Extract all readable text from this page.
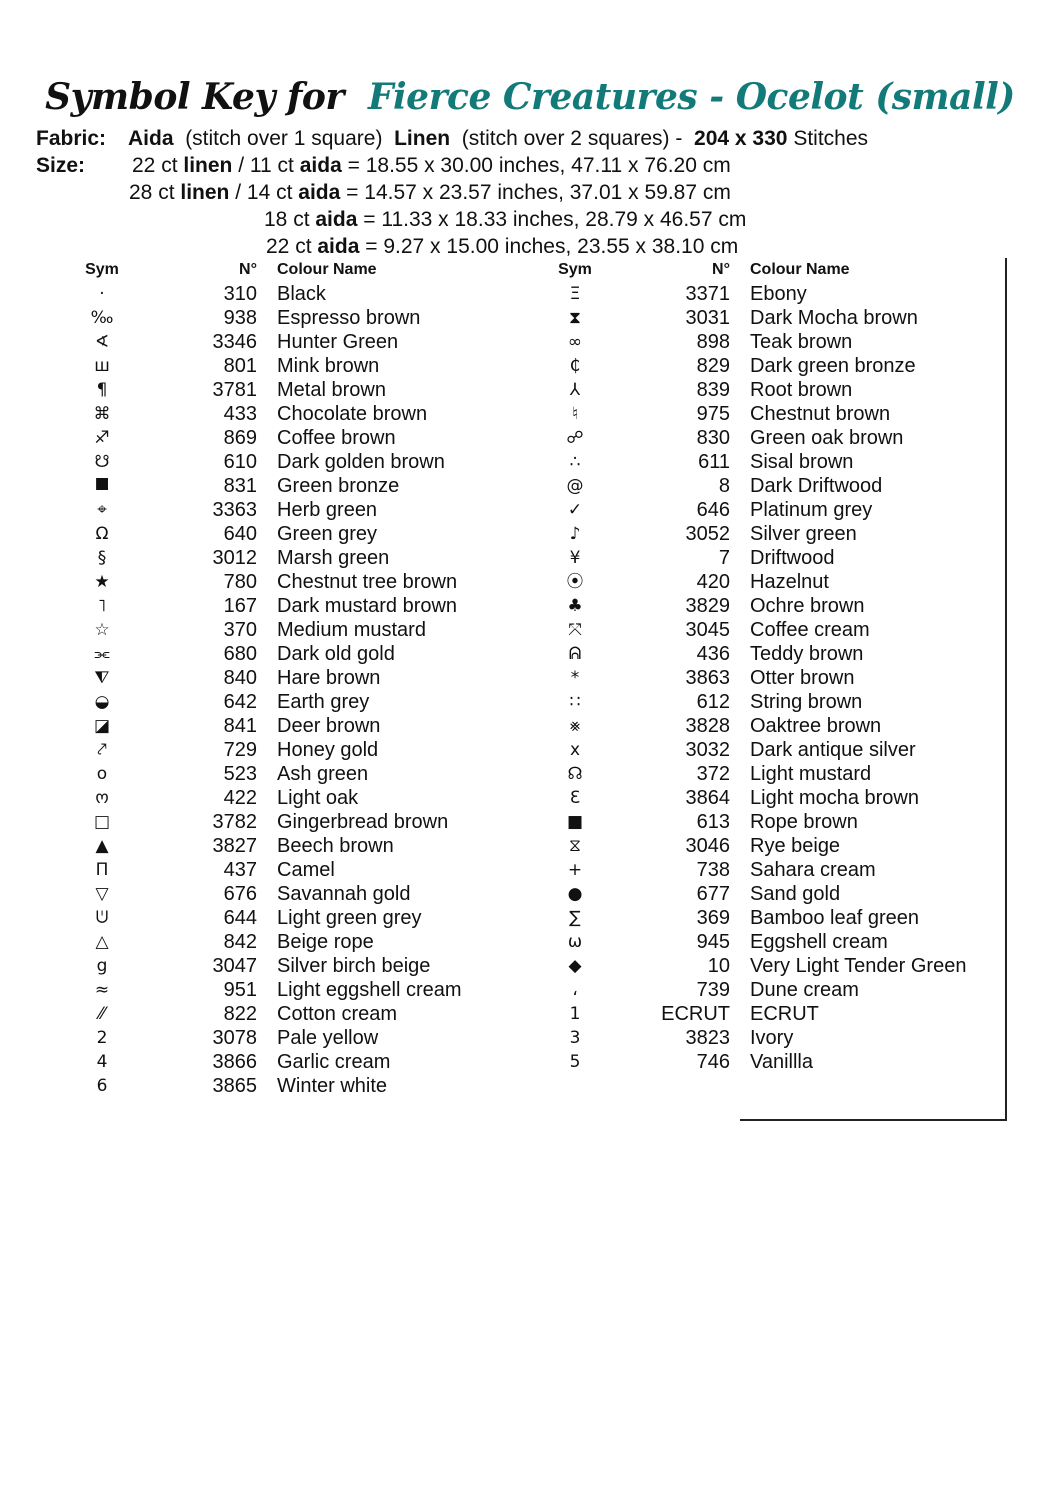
Symbol Key for Fierce Creatures - Ocelot (small)
Fabric: Aida (stitch over 1 square) Linen (stitch over 2 squares) - 204 x 330 Stitches
Size: 22 ct linen / 11 ct aida = 18.55 x 30.00 inches, 47.11 x 76.20 cm
28 ct linen / 14 ct aida = 14.57 x 23.57 inches, 37.01 x 59.87 cm
18 ct aida = 11.33 x 18.33 inches, 28.79 x 46.57 cm
22 ct aida = 9.27 x 15.00 inches, 23.55 x 38.10 cm
Sym	N° Colour Name
·	310 Black
‰	938 Espresso brown
∢	3346 Hunter Green
ш	801 Mink brown
¶	3781 Metal brown
⌘	433 Chocolate brown
♐	869 Coffee brown
☋	610 Dark golden brown
⯀	831 Green bronze
⌖	3363 Herb green
Ω	640 Green grey
§	3012 Marsh green
★	780 Chestnut tree brown
˥	167 Dark mustard brown
☆	370 Medium mustard
⫘	680 Dark old gold
⧨	840 Hare brown
◒	642 Earth grey
◪	841 Deer brown
⤤	729 Honey gold
o	523 Ash green
ო	422 Light oak
□	3782 Gingerbread brown
▲	3827 Beech brown
Π	437 Camel
▽	676 Savannah gold
ᕫ	644 Light green grey
△	842 Beige rope
g	3047 Silver birch beige
≈	951 Light eggshell cream
⁄⁄	822 Cotton cream
2	3078 Pale yellow
4	3866 Garlic cream
6	3865 Winter white
Sym	N° Colour Name
Ξ	3371 Ebony
⧗	3031 Dark Mocha brown
∞	898 Teak brown
₵	829 Dark green bronze
⅄	839 Root brown
♮	975 Chestnut brown
☍	830 Green oak brown
∴	611 Sisal brown
@	8 Dark Driftwood
✓	646 Platinum grey
♪	3052 Silver green
¥	7 Driftwood
⦿	420 Hazelnut
♣	3829 Ochre brown
⤧	3045 Coffee cream
ᕱ	436 Teddy brown
*	3863 Otter brown
∷	612 String brown
⨳	3828 Oaktree brown
x	3032 Dark antique silver
☊	372 Light mustard
Ɛ	3864 Light mocha brown
■	613 Rope brown
⧖	3046 Rye beige
+	738 Sahara cream
●	677 Sand gold
∑	369 Bamboo leaf green
ω	945 Eggshell cream
◆	10 Very Light Tender Green
،	739 Dune cream
1	ECRUT ECRUT
3	3823 Ivory
5	746 Vanillla
